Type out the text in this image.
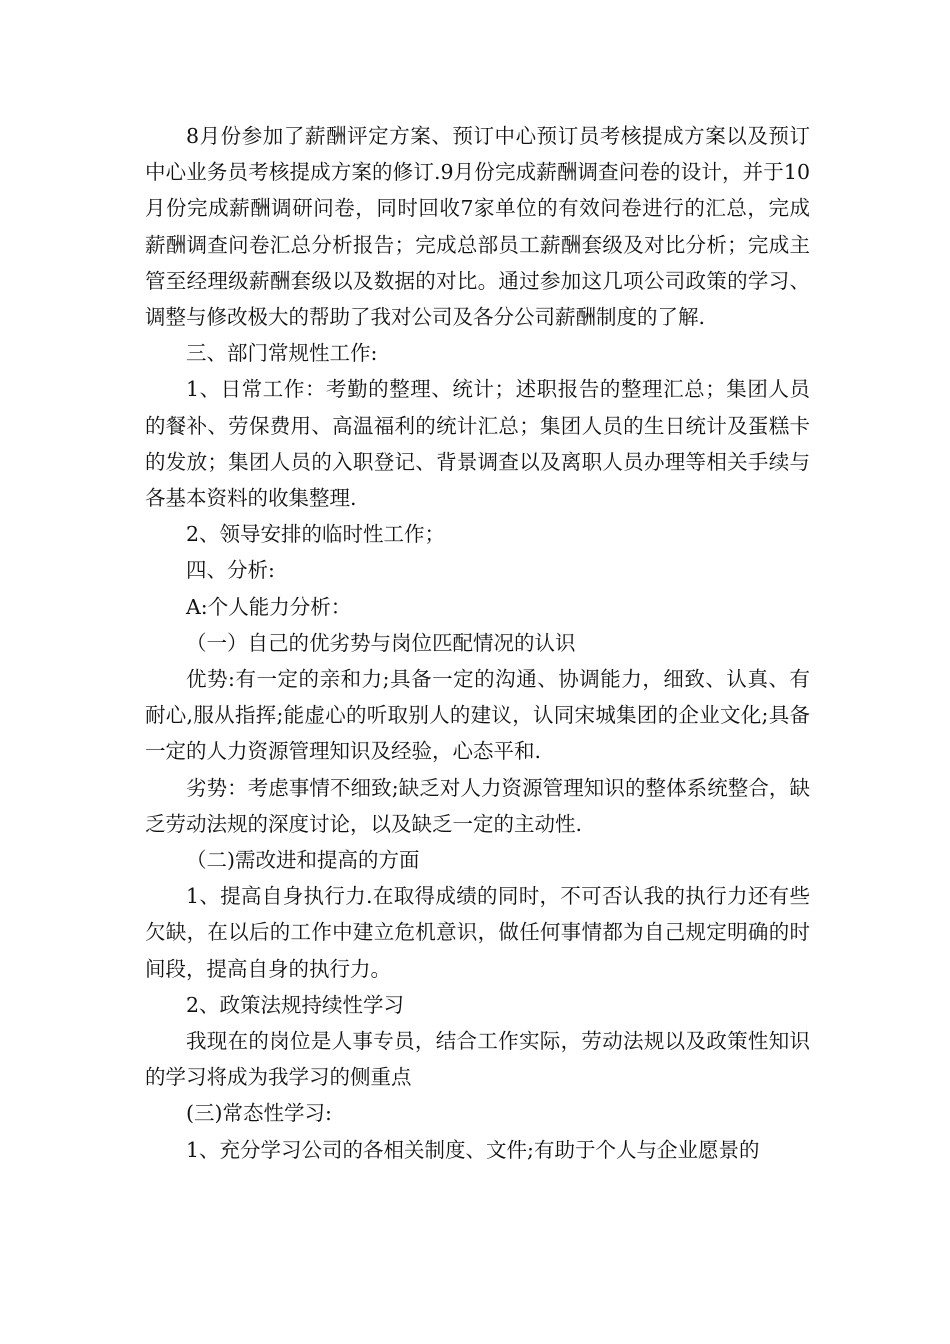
8月份参加了薪酬评定方案、预订中心预订员考核提成方案以及预订中心业务员考核提成方案的修订.9月份完成薪酬调查问卷的设计，并于10月份完成薪酬调研问卷，同时回收7家单位的有效问卷进行的汇总，完成薪酬调查问卷汇总分析报告；完成总部员工薪酬套级及对比分析；完成主管至经理级薪酬套级以及数据的对比。通过参加这几项公司政策的学习、调整与修改极大的帮助了我对公司及各分公司薪酬制度的了解.

三、部门常规性工作:

1、日常工作：考勤的整理、统计；述职报告的整理汇总；集团人员的餐补、劳保费用、高温福利的统计汇总；集团人员的生日统计及蛋糕卡的发放；集团人员的入职登记、背景调查以及离职人员办理等相关手续与各基本资料的收集整理.

2、领导安排的临时性工作；

四、分析:

A:个人能力分析：

（一）自己的优劣势与岗位匹配情况的认识

优势:有一定的亲和力;具备一定的沟通、协调能力，细致、认真、有耐心,服从指挥;能虚心的听取别人的建议，认同宋城集团的企业文化;具备一定的人力资源管理知识及经验，心态平和.

劣势：考虑事情不细致;缺乏对人力资源管理知识的整体系统整合，缺乏劳动法规的深度讨论，以及缺乏一定的主动性.

（二)需改进和提高的方面

1、提高自身执行力.在取得成绩的同时，不可否认我的执行力还有些欠缺，在以后的工作中建立危机意识，做任何事情都为自己规定明确的时间段，提高自身的执行力。

2、政策法规持续性学习

我现在的岗位是人事专员，结合工作实际，劳动法规以及政策性知识的学习将成为我学习的侧重点

(三)常态性学习:

1、充分学习公司的各相关制度、文件;有助于个人与企业愿景的
